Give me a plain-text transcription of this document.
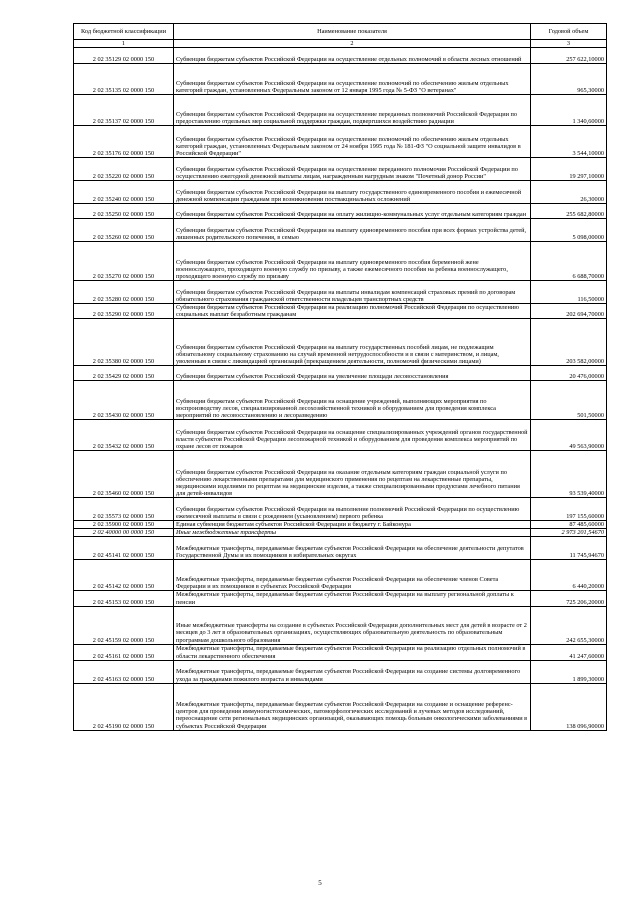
Код бюджетной классификации	Наименование показателя	Годовой объем
1	2	3
2 02 35129 02 0000 150	Субвенции бюджетам субъектов Российской Федерации на осуществление отдельных полномочий в области лесных отношений	257 622,10000
2 02 35135 02 0000 150	Субвенции бюджетам субъектов Российской Федерации на осуществление полномочий по обеспечению жильем отдельных категорий граждан, установленных Федеральным законом от 12 января 1995 года № 5-ФЗ "О ветеранах"	965,30000
2 02 35137 02 0000 150	Субвенции бюджетам субъектов Российской Федерации на осуществление переданных полномочий Российской Федерации по предоставлению отдельных мер социальной поддержки граждан, подвергшихся воздействию радиации	1 340,60000
2 02 35176 02 0000 150	Субвенции бюджетам субъектов Российской Федерации на осуществление полномочий по обеспечению жильем отдельных категорий граждан, установленных Федеральным законом от 24 ноября 1995 года № 181-ФЗ "О социальной защите инвалидов в Российской Федерации"	3 544,10000
2 02 35220 02 0000 150	Субвенции бюджетам субъектов Российской Федерации на осуществление переданного полномочия Российской Федерации по осуществлению ежегодной денежной выплаты лицам, награжденным нагрудным знаком "Почетный донор России"	19 297,10000
2 02 35240 02 0000 150	Субвенции бюджетам субъектов Российской Федерации на выплату государственного единовременного пособия и ежемесячной денежной компенсации гражданам при возникновении поствакцинальных осложнений	26,30000
2 02 35250 02 0000 150	Субвенции бюджетам субъектов Российской Федерации на оплату жилищно-коммунальных услуг отдельным категориям граждан	255 682,80000
2 02 35260 02 0000 150	Субвенции бюджетам субъектов Российской Федерации на выплату единовременного пособия при всех формах устройства детей, лишенных родительского попечения, в семью	5 098,00000
2 02 35270 02 0000 150	Субвенции бюджетам субъектов Российской Федерации на выплату единовременного пособия беременной жене военнослужащего, проходящего военную службу по призыву, а также ежемесячного пособия на ребенка военнослужащего, проходящего военную службу по призыву	6 688,70000
2 02 35280 02 0000 150	Субвенции бюджетам субъектов Российской Федерации на выплаты инвалидам компенсаций страховых премий по договорам обязательного страхования гражданской ответственности владельцев транспортных средств	116,50000
2 02 35290 02 0000 150	Субвенции бюджетам субъектов Российской Федерации на реализацию полномочий Российской Федерации по осуществлению социальных выплат безработным гражданам	202 694,70000
2 02 35380 02 0000 150	Субвенции бюджетам субъектов Российской Федерации на выплату государственных пособий лицам, не подлежащим обязательному социальному страхованию на случай временной нетрудоспособности и в связи с материнством, и лицам, уволенным в связи с ликвидацией организаций (прекращением деятельности, полномочий физическими лицами)	203 582,00000
2 02 35429 02 0000 150	Субвенции бюджетам субъектов Российской Федерации на увеличение площади лесовосстановления	20 476,00000
2 02 35430 02 0000 150	Субвенции бюджетам субъектов Российской Федерации на оснащение учреждений, выполняющих мероприятия по воспроизводству лесов, специализированной лесохозяйственной техникой и оборудованием для проведения комплекса мероприятий по лесовосстановлению и лесоразведению	501,50000
2 02 35432 02 0000 150	Субвенции бюджетам субъектов Российской Федерации на оснащение специализированных учреждений органов государственной власти субъектов Российской Федерации лесопожарной техникой и оборудованием для проведения комплекса мероприятий по охране лесов от пожаров	49 563,90000
2 02 35460 02 0000 150	Субвенции бюджетам субъектов Российской Федерации на оказание отдельным категориям граждан социальной услуги по обеспечению лекарственными препаратами для медицинского применения по рецептам на лекарственные препараты, медицинскими изделиями по рецептам на медицинские изделия, а также специализированными продуктами лечебного питания для детей-инвалидов	93 539,40000
2 02 35573 02 0000 150	Субвенции бюджетам субъектов Российской Федерации на выполнение полномочий Российской Федерации по осуществлению ежемесячной выплаты в связи с рождением (усыновлением) первого ребенка	197 155,60000
2 02 35900 02 0000 150	Единая субвенция бюджетам субъектов Российской Федерации и бюджету г. Байконура	87 485,60000
2 02 40000 00 0000 150	Иные межбюджетные трансферты	2 973 201,54670
2 02 45141 02 0000 150	Межбюджетные трансферты, передаваемые бюджетам субъектов Российской Федерации на обеспечение деятельности депутатов Государственной Думы и их помощников в избирательных округах	11 745,94670
2 02 45142 02 0000 150	Межбюджетные трансферты, передаваемые бюджетам субъектов Российской Федерации на обеспечение членов Совета Федерации и их помощников в субъектах Российской Федерации	6 440,20000
2 02 45153 02 0000 150	Межбюджетные трансферты, передаваемые бюджетам субъектов Российской Федерации на выплату региональной доплаты к пенсии	725 206,20000
2 02 45159 02 0000 150	Иные межбюджетные трансферты на создание в субъектах Российской Федерации дополнительных мест для детей в возрасте от 2 месяцев до 3 лет в образовательных организациях, осуществляющих образовательную деятельность по образовательным программам дошкольного образования	242 655,30000
2 02 45161 02 0000 150	Межбюджетные трансферты, передаваемые бюджетам субъектов Российской Федерации на реализацию отдельных полномочий в области лекарственного обеспечения	41 247,60000
2 02 45163 02 0000 150	Межбюджетные трансферты, передаваемые бюджетам субъектов Российской Федерации на создание системы долговременного ухода за гражданами пожилого возраста и инвалидами	1 899,30000
2 02 45190 02 0000 150	Межбюджетные трансферты, передаваемые бюджетам субъектов Российской Федерации на создание и оснащение референс-центров для проведения иммуногистохимических, патоморфологических исследований и лучевых методов исследований, переоснащение сети региональных медицинских организаций, оказывающих помощь больным онкологическими заболеваниями в субъектах Российской Федерации	138 096,90000
5
